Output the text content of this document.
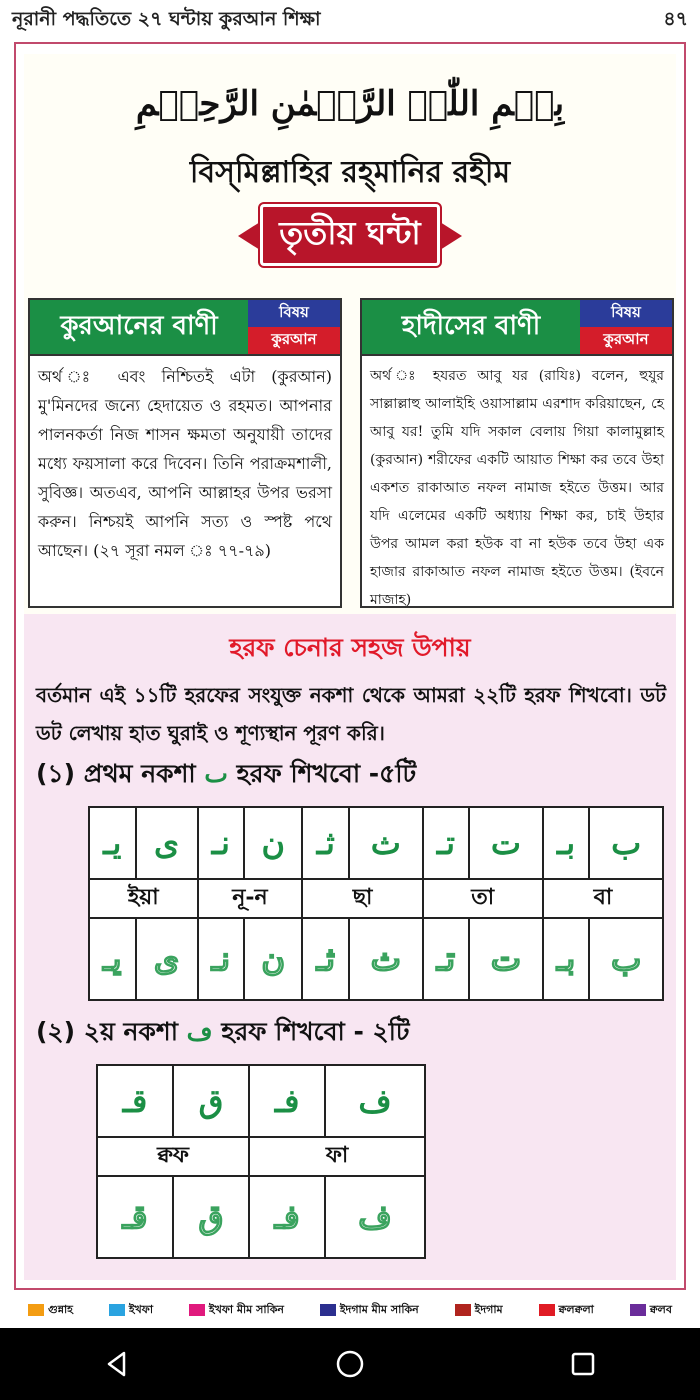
নূরানী পদ্ধতিতে ২৭ ঘন্টায় কুরআন শিক্ষা	৪৭
بِسۡمِ اللّٰہِ الرَّحۡمٰنِ الرَّحِیۡمِ
বিস্‌মিল্লাহির রহ্‌মানির রহীম
তৃতীয় ঘন্টা
কুরআনের বাণী	বিষয়
কুরআন
অর্থ ঃ এবং নিশ্চিতই এটা (কুরআন) মু'মিনদের জন্যে হেদায়েত ও রহমত। আপনার পালনকর্তা নিজ শাসন ক্ষমতা অনুযায়ী তাদের মধ্যে ফয়সালা করে দিবেন। তিনি পরাক্রমশালী, সুবিজ্ঞ। অতএব, আপনি আল্লাহর উপর ভরসা করুন। নিশ্চয়ই আপনি সত্য ও স্পষ্ট পথে আছেন। (২৭ সূরা নমল ঃ ৭৭-৭৯)
হাদীসের বাণী	বিষয়
কুরআন
অর্থ ঃ হযরত আবু যর (রাযিঃ) বলেন, হুযুর সাল্লাল্লাহু আলাইহি ওয়াসাল্লাম এরশাদ করিয়াছেন, হে আবু যর! তুমি যদি সকাল বেলায় গিয়া কালামুল্লাহ (কুরআন) শরীফের একটি আয়াত শিক্ষা কর তবে উহা একশত রাকাআত নফল নামাজ হইতে উত্তম। আর যদি এলেমের একটি অধ্যায় শিক্ষা কর, চাই উহার উপর আমল করা হউক বা না হউক তবে উহা এক হাজার রাকাআত নফল নামাজ হইতে উত্তম। (ইবনে মাজাহ)
হরফ চেনার সহজ উপায়
বর্তমান এই ১১টি হরফের সংযুক্ত নকশা থেকে আমরা ২২টি হরফ শিখবো। ডট ডট লেখায় হাত ঘুরাই ও শূণ্যস্থান পূরণ করি।
(১) প্রথম নকশা ٮ হরফ শিখবো -৫টি
يـ	ى	نـ	ن	ثـ	ث	تـ	ت	بـ	ب
ইয়া		নূ-ন		ছা		তা		বা	
يـ	ى	نـ	ن	ثـ	ث	تـ	ت	بـ	ب
(২) ২য় নকশা ڡ হরফ শিখবো - ২টি
قـ	ق	فـ	ف
ক্বফ		ফা	
قـ	ق	فـ	ف
গুন্নাহ	ইখফা	ইখফা মীম সাকিন	ইদগাম মীম সাকিন	ইদগাম	ক্বলক্বলা	ক্বলব
